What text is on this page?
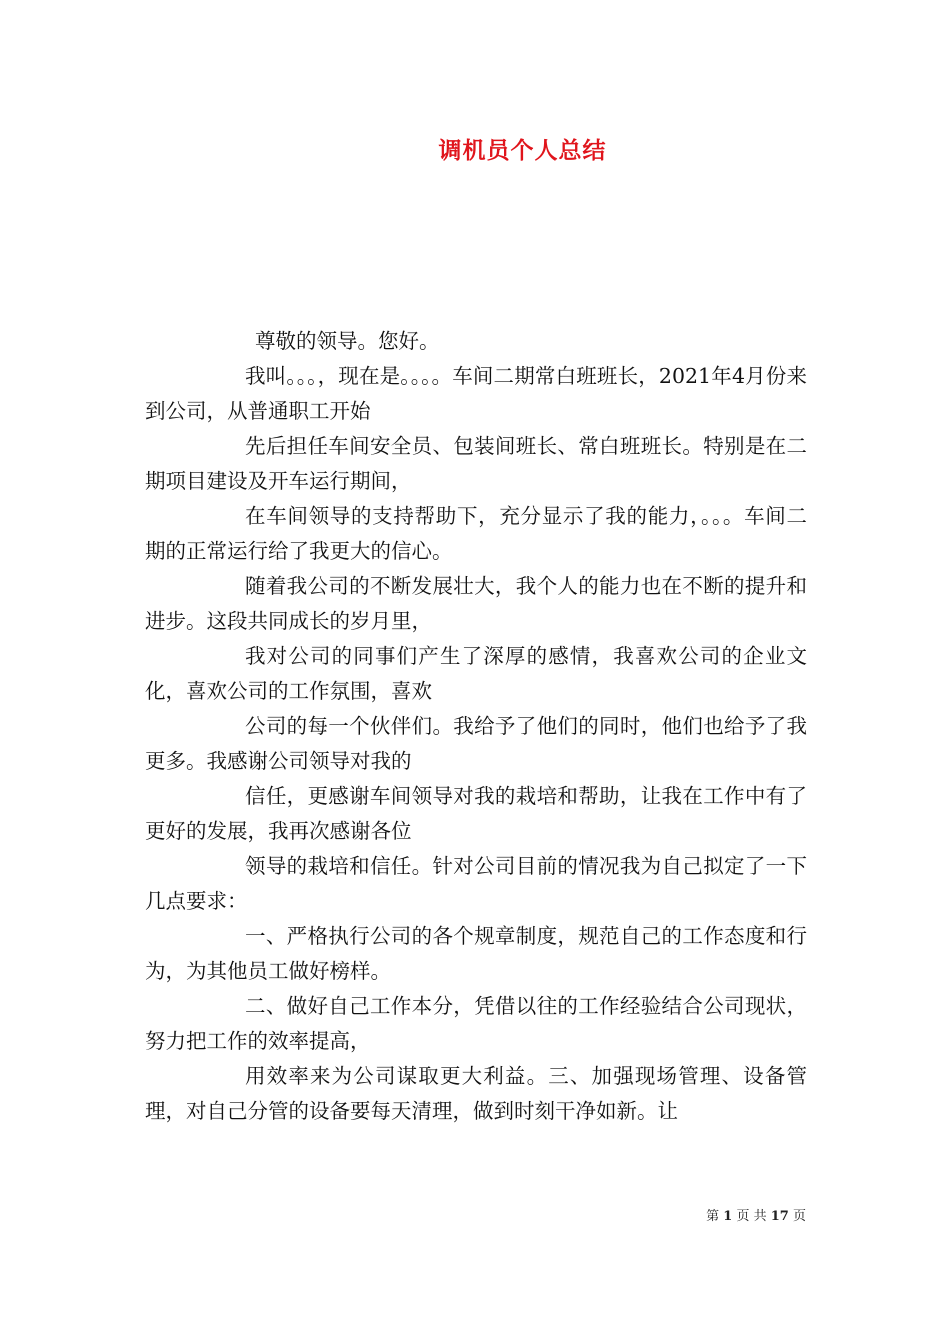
调机员个人总结

尊敬的领导。您好。

我叫。。。，现在是。。。。车间二期常白班班长，2021年4月份来到公司，从普通职工开始

先后担任车间安全员、包装间班长、常白班班长。特别是在二期项目建设及开车运行期间，

在车间领导的支持帮助下，充分显示了我的能力，。。。车间二期的正常运行给了我更大的信心。

随着我公司的不断发展壮大，我个人的能力也在不断的提升和进步。这段共同成长的岁月里，

我对公司的同事们产生了深厚的感情，我喜欢公司的企业文化，喜欢公司的工作氛围，喜欢

公司的每一个伙伴们。我给予了他们的同时，他们也给予了我更多。我感谢公司领导对我的

信任，更感谢车间领导对我的栽培和帮助，让我在工作中有了更好的发展，我再次感谢各位

领导的栽培和信任。针对公司目前的情况我为自己拟定了一下几点要求：

一、严格执行公司的各个规章制度，规范自己的工作态度和行为，为其他员工做好榜样。

二、做好自己工作本分，凭借以往的工作经验结合公司现状，努力把工作的效率提高，

用效率来为公司谋取更大利益。三、加强现场管理、设备管理，对自己分管的设备要每天清理，做到时刻干净如新。让

第 1 页 共 17 页
